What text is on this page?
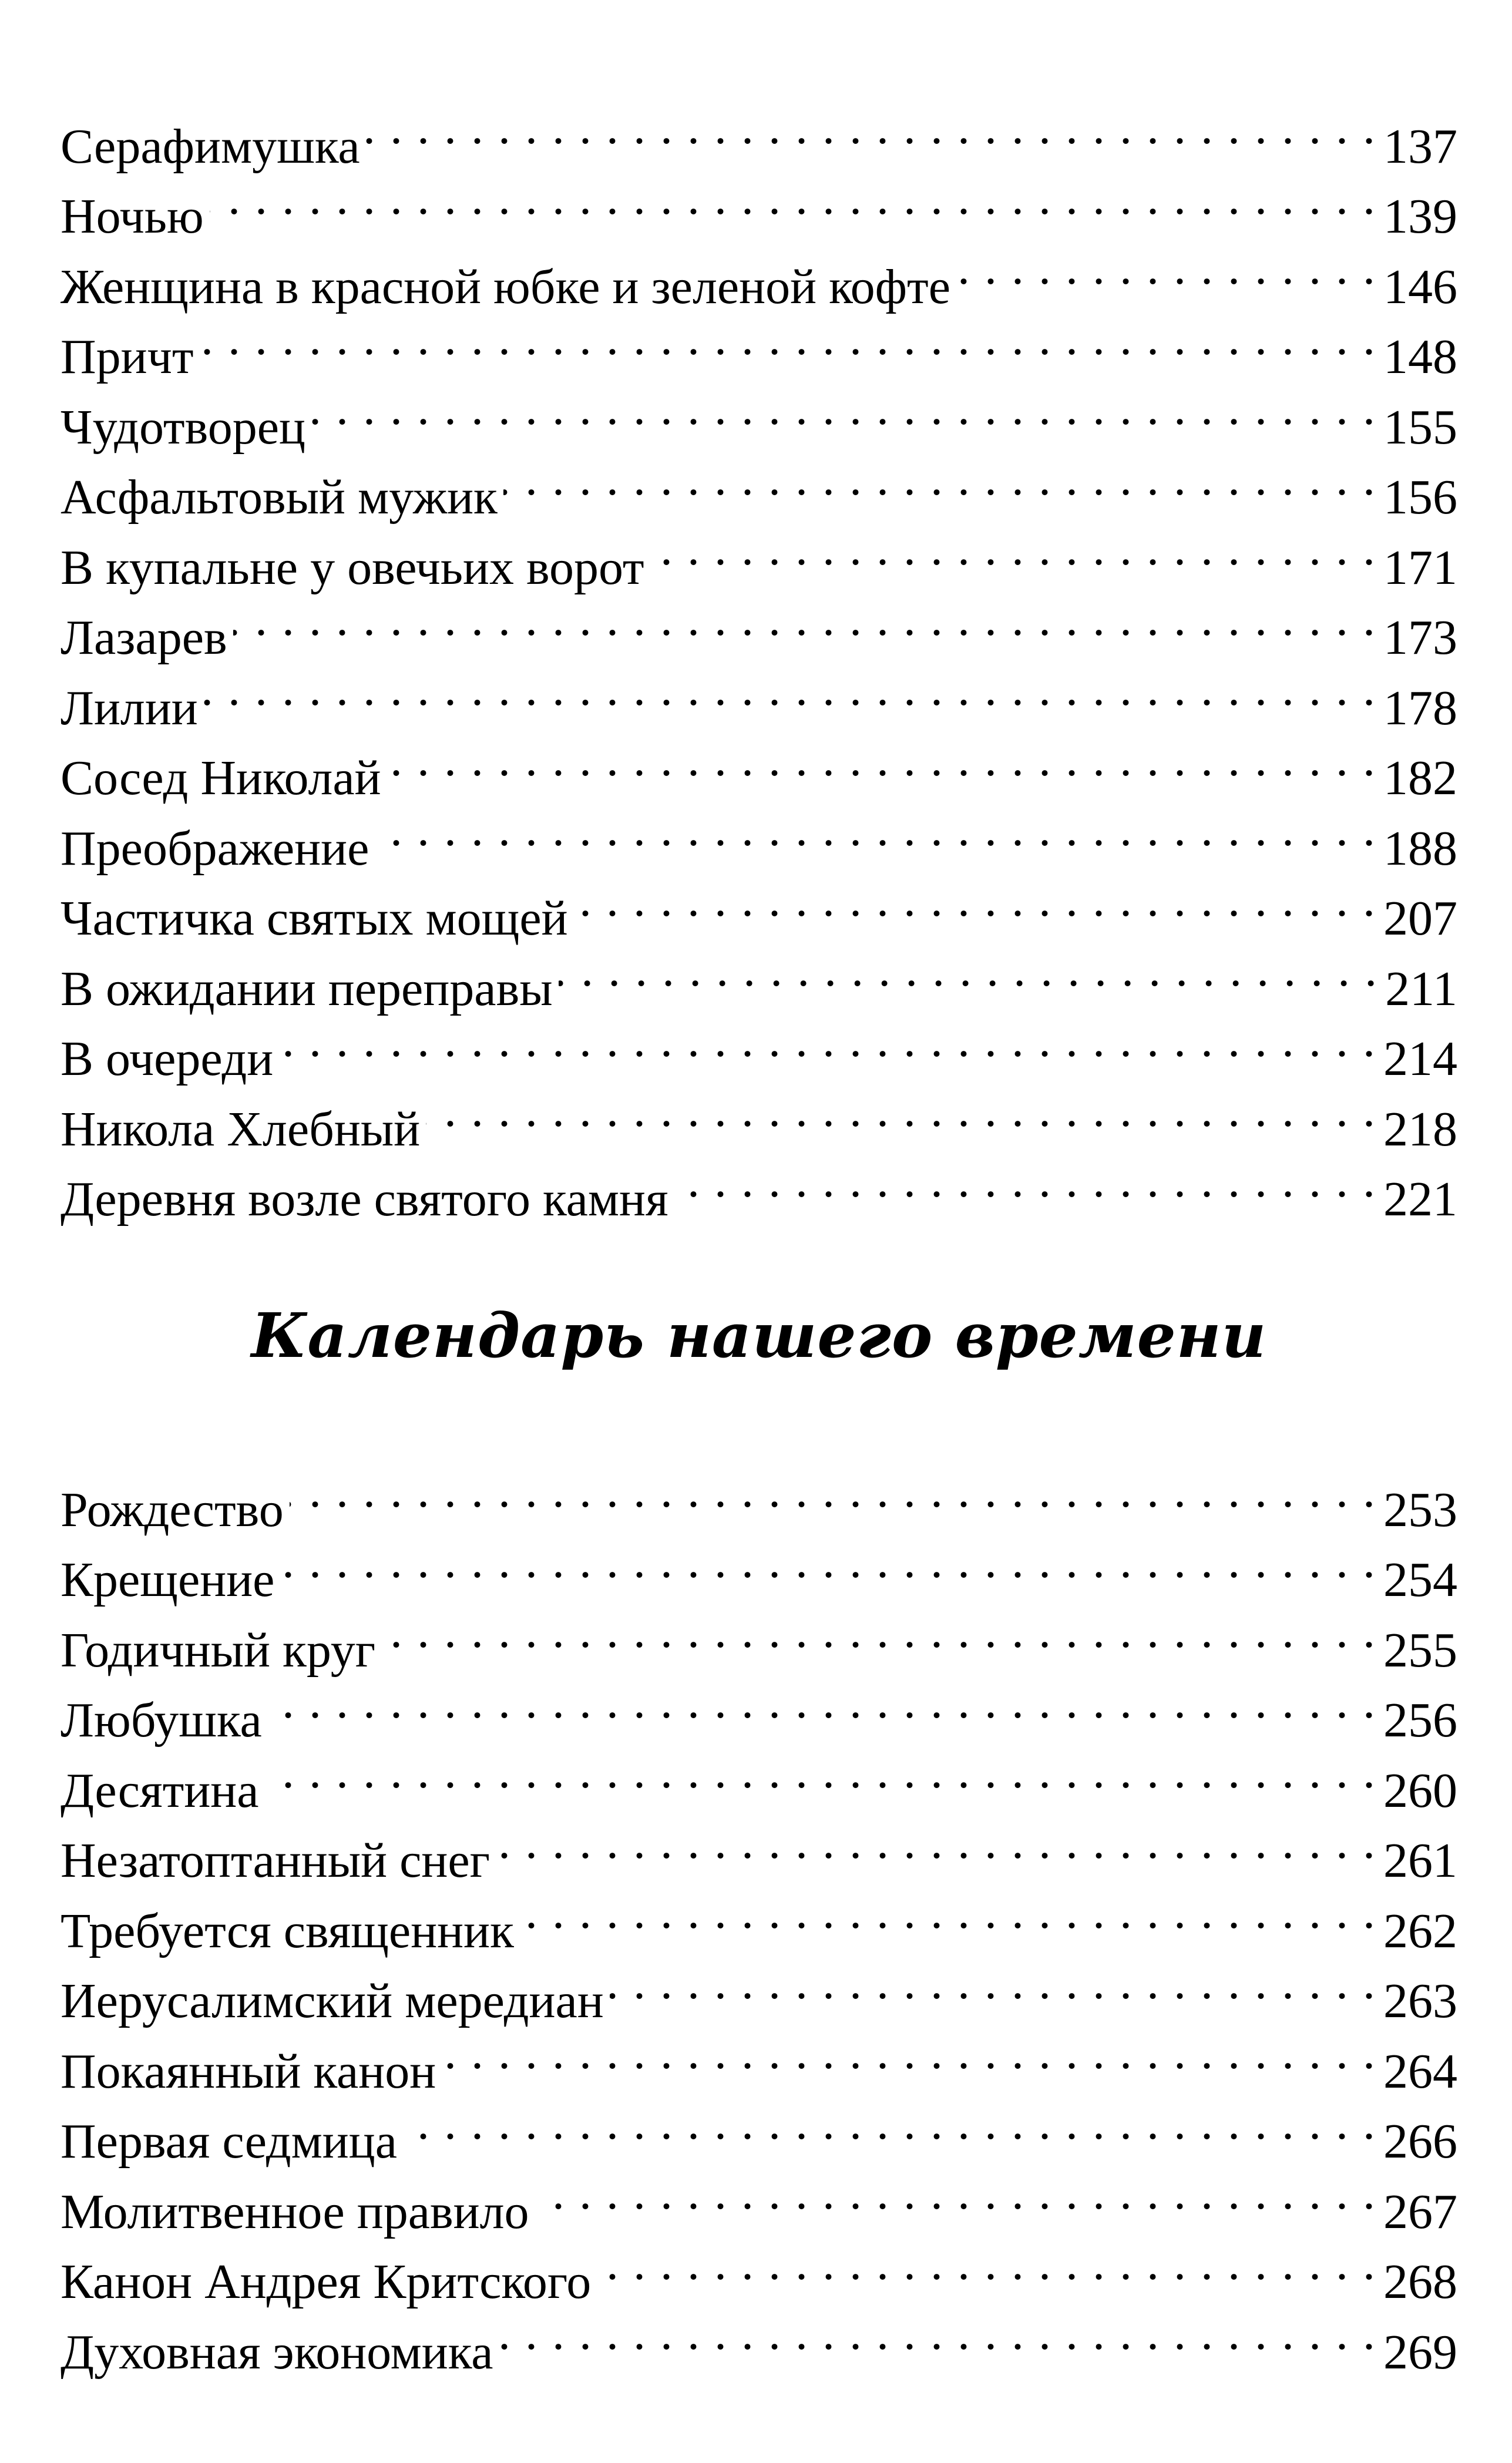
Серафимушка . . .	137
Ночью . . .	139
Женщина в красной юбке и зеленой кофте . . .	146
Причт . . .	148
Чудотворец . . .	155
Асфальтовый мужик . . .	156
В купальне у овечьих ворот . . .	171
Лазарев . . .	173
Лилии . . .	178
Сосед Николай . . .	182
Преображение . . .	188
Частичка святых мощей . . .	207
В ожидании переправы . . .	211
В очереди . . .	214
Никола Хлебный . . .	218
Деревня возле святого камня . . .	221
Календарь нашего времени
Рождество . . .	253
Крещение . . .	254
Годичный круг . . .	255
Любушка . . .	256
Десятина . . .	260
Незатоптанный снег . . .	261
Требуется священник . . .	262
Иерусалимский мередиан . . .	263
Покаянный канон . . .	264
Первая седмица . . .	266
Молитвенное правило . . .	267
Канон Андрея Критского . . .	268
Духовная экономика . . .	269
